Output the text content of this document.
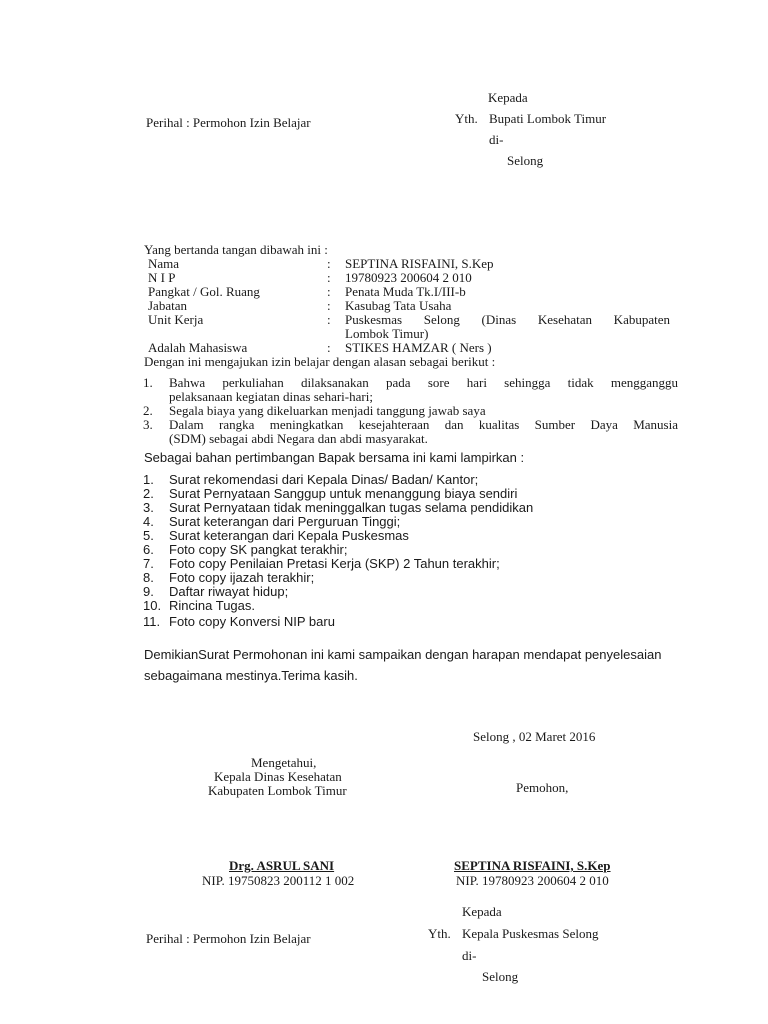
Kepada
Perihal : Permohon Izin Belajar	Yth. Bupati Lombok Timur
di-
Selong
Yang bertanda tangan dibawah ini :
Nama	: SEPTINA RISFAINI, S.Kep
N I P	: 19780923 200604 2 010
Pangkat / Gol. Ruang	: Penata Muda Tk.I/III-b
Jabatan	: Kasubag Tata Usaha
Unit Kerja	: Puskesmas Selong (Dinas Kesehatan Kabupaten
Lombok Timur)
Adalah Mahasiswa	: STIKES HAMZAR ( Ners )
Dengan ini mengajukan izin belajar dengan alasan sebagai berikut :
1. Bahwa perkuliahan dilaksanakan pada sore hari sehingga tidak mengganggu
pelaksanaan kegiatan dinas sehari-hari;
2. Segala biaya yang dikeluarkan menjadi tanggung jawab saya
3. Dalam rangka meningkatkan kesejahteraan dan kualitas Sumber Daya Manusia
(SDM) sebagai abdi Negara dan abdi masyarakat.
Sebagai bahan pertimbangan Bapak bersama ini kami lampirkan :
1. Surat rekomendasi dari Kepala Dinas/ Badan/ Kantor;
2. Surat Pernyataan Sanggup untuk menanggung biaya sendiri
3. Surat Pernyataan tidak meninggalkan tugas selama pendidikan
4. Surat keterangan dari Perguruan Tinggi;
5. Surat keterangan dari Kepala Puskesmas
6. Foto copy SK pangkat terakhir;
7. Foto copy Penilaian Pretasi Kerja (SKP) 2 Tahun terakhir;
8. Foto copy ijazah terakhir;
9. Daftar riwayat hidup;
10. Rincina Tugas.
11. Foto copy Konversi NIP baru
DemikianSurat Permohonan ini kami sampaikan dengan harapan mendapat penyelesaian
sebagaimana mestinya.Terima kasih.
Selong , 02 Maret 2016
Mengetahui,
Kepala Dinas Kesehatan
Kabupaten Lombok Timur	Pemohon,
Drg. ASRUL SANI
NIP. 19750823 200112 1 002
SEPTINA RISFAINI, S.Kep
NIP. 19780923 200604 2 010
Kepada
Perihal : Permohon Izin Belajar	Yth. Kepala Puskesmas Selong
di-
Selong
